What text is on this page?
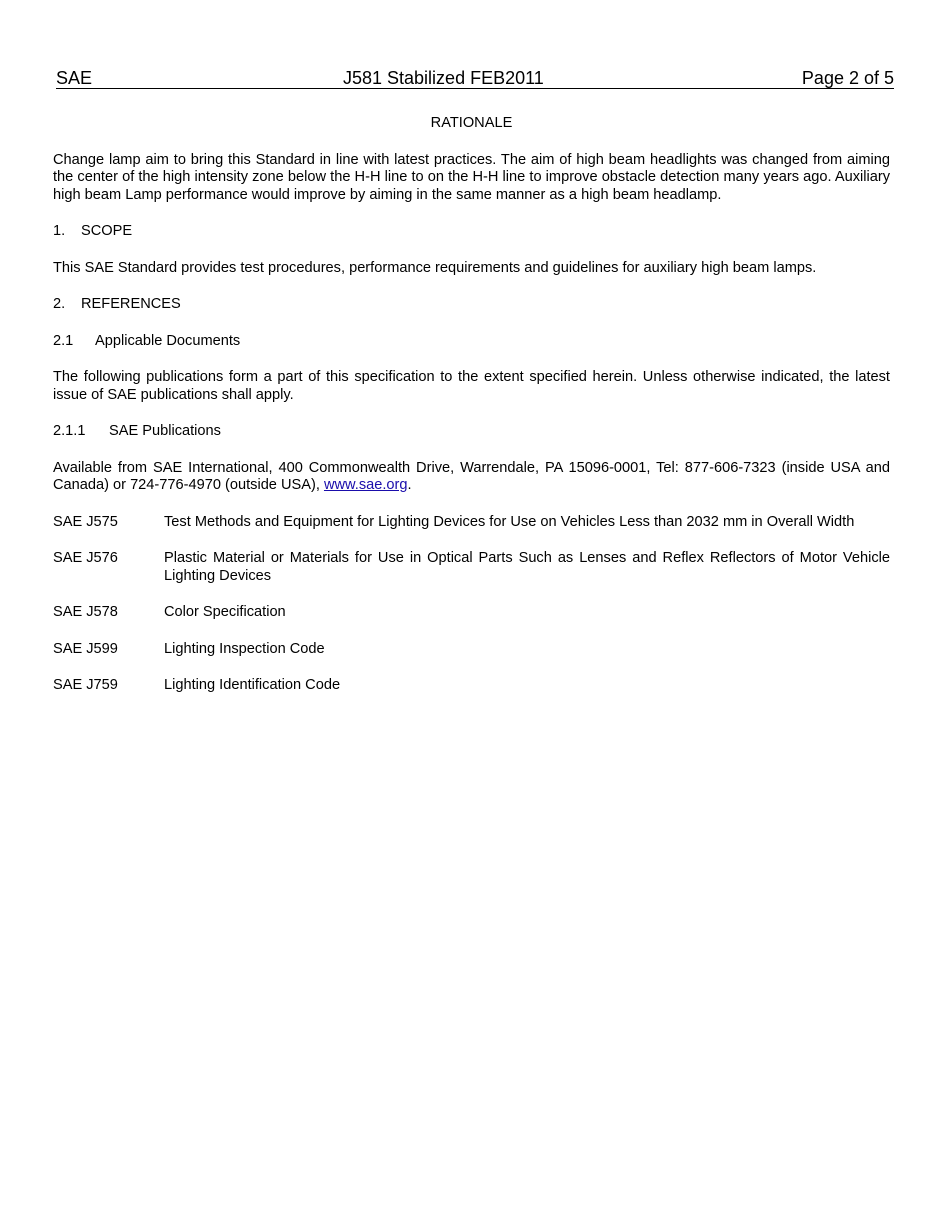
SAE	J581 Stabilized FEB2011	Page 2 of 5

RATIONALE

Change lamp aim to bring this Standard in line with latest practices. The aim of high beam headlights was changed from aiming the center of the high intensity zone below the H-H line to on the H-H line to improve obstacle detection many years ago. Auxiliary high beam Lamp performance would improve by aiming in the same manner as a high beam headlamp.

1.	SCOPE

This SAE Standard provides test procedures, performance requirements and guidelines for auxiliary high beam lamps.

2.	REFERENCES
2.1	Applicable Documents

The following publications form a part of this specification to the extent specified herein. Unless otherwise indicated, the latest issue of SAE publications shall apply.

2.1.1	SAE Publications

Available from SAE International, 400 Commonwealth Drive, Warrendale, PA 15096-0001, Tel: 877-606-7323 (inside USA and Canada) or 724-776-4970 (outside USA), www.sae.org.

SAE J575	Test Methods and Equipment for Lighting Devices for Use on Vehicles Less than 2032 mm in Overall Width
SAE J576	Plastic Material or Materials for Use in Optical Parts Such as Lenses and Reflex Reflectors of Motor Vehicle Lighting Devices
SAE J578	Color Specification
SAE J599	Lighting Inspection Code
SAE J759	Lighting Identification Code
